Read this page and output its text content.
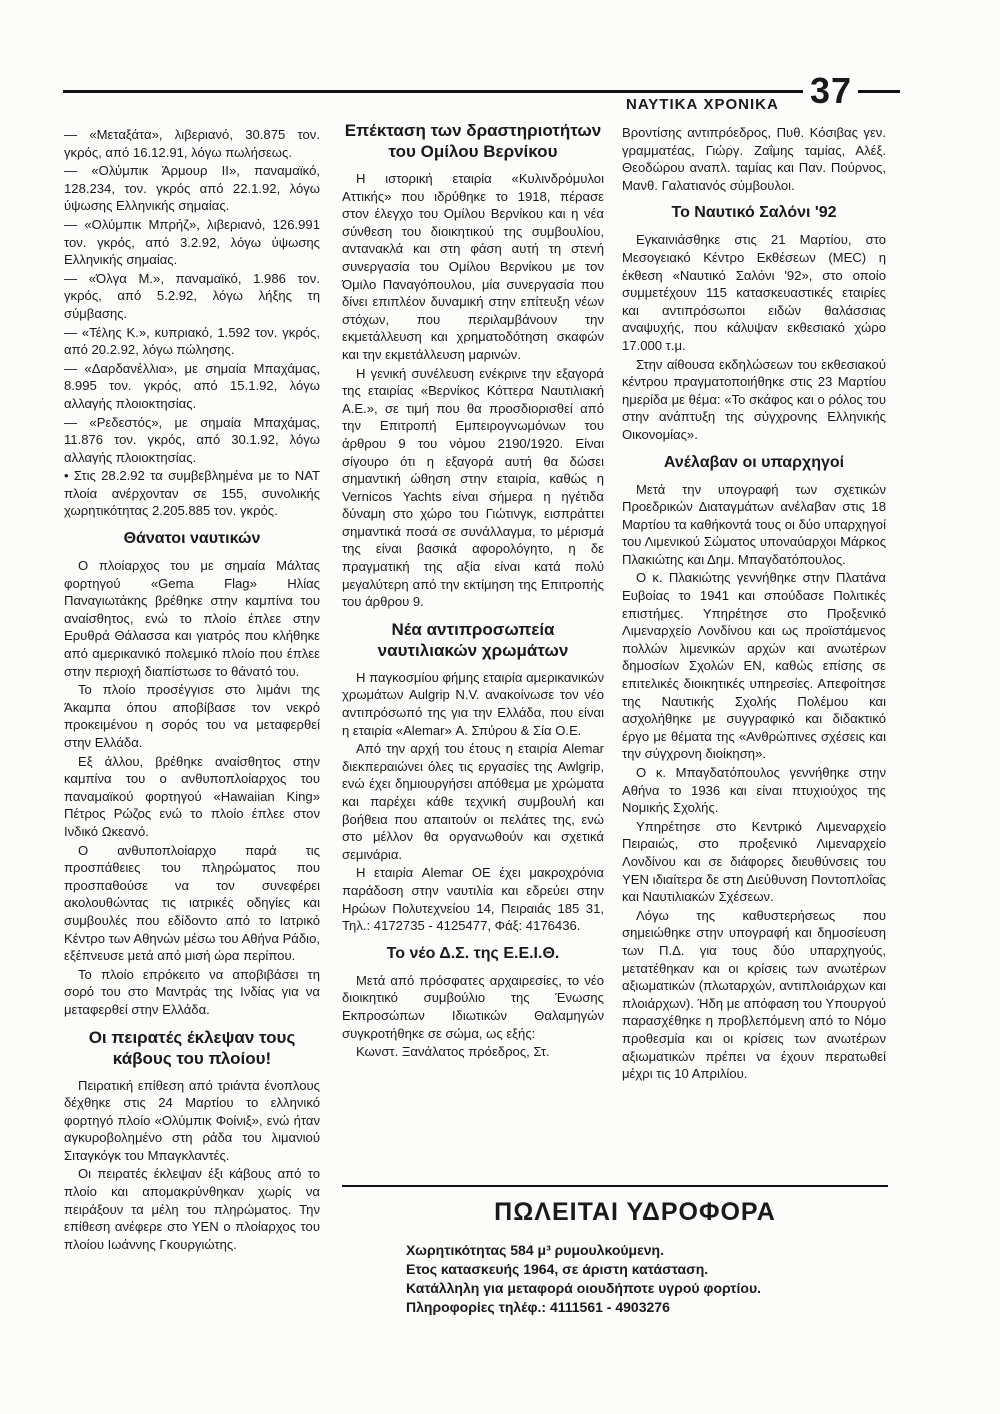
ΝΑΥΤΙΚΑ ΧΡΟΝΙΚΑ 37

— «Μεταξάτα», λιβεριανό, 30.875 τον. γκρός, από 16.12.91, λόγω πωλήσεως.

— «Ολύμπικ Άρμουρ ΙΙ», παναμαϊκό, 128.234, τον. γκρός από 22.1.92, λόγω ύψωσης Ελληνικής σημαίας.

— «Ολύμπικ Μπρήζ», λιβεριανό, 126.991 τον. γκρός, από 3.2.92, λόγω ύψωσης Ελληνικής σημαίας.

— «Όλγα Μ.», παναμαϊκό, 1.986 τον. γκρός, από 5.2.92, λόγω λήξης τη σύμβασης.

— «Τέλης Κ.», κυπριακό, 1.592 τον. γκρός, από 20.2.92, λόγω πώλησης.

— «Δαρδανέλλια», με σημαία Μπαχάμας, 8.995 τον. γκρός, από 15.1.92, λόγω αλλαγής πλοιοκτησίας.

— «Ρεδεστός», με σημαία Μπαχάμας, 11.876 τον. γκρός, από 30.1.92, λόγω αλλαγής πλοιοκτησίας.

• Στις 28.2.92 τα συμβεβλημένα με το ΝΑΤ πλοία ανέρχονταν σε 155, συνολικής χωρητικότητας 2.205.885 τον. γκρός.

Θάνατοι ναυτικών

Ο πλοίαρχος του με σημαία Μάλτας φορτηγού «Gema Flag» Ηλίας Παναγιωτάκης βρέθηκε στην καμπίνα του αναίσθητος, ενώ το πλοίο έπλεε στην Ερυθρά Θάλασσα και γιατρός που κλήθηκε από αμερικανικό πολεμικό πλοίο που έπλεε στην περιοχή διαπίστωσε το θάνατό του.

Το πλοίο προσέγγισε στο λιμάνι της Άκαμπα όπου αποβίβασε τον νεκρό προκειμένου η σορός του να μεταφερθεί στην Ελλάδα.

Εξ άλλου, βρέθηκε αναίσθητος στην καμπίνα του ο ανθυποπλοίαρχος του παναμαϊκού φορτηγού «Hawaiian King» Πέτρος Ρώζος ενώ το πλοίο έπλεε στον Ινδικό Ωκεανό.

Ο ανθυποπλοίαρχο παρά τις προσπάθειες του πληρώματος που προσπαθούσε να τον συνεφέρει ακολουθώντας τις ιατρικές οδηγίες και συμβουλές που εδίδοντο από το Ιατρικό Κέντρο των Αθηνών μέσω του Αθήνα Ράδιο, εξέπνευσε μετά από μισή ώρα περίπου.

Το πλοίο επρόκειτο να αποβιβάσει τη σορό του στο Μαντράς της Ινδίας για να μεταφερθεί στην Ελλάδα.

Οι πειρατές έκλεψαν τους κάβους του πλοίου!

Πειρατική επίθεση από τριάντα ένοπλους δέχθηκε στις 24 Μαρτίου το ελληνικό φορτηγό πλοίο «Ολύμπικ Φοίνιξ», ενώ ήταν αγκυροβολημένο στη ράδα του λιμανιού Σιταγκόγκ του Μπαγκλαντές.

Οι πειρατές έκλεψαν έξι κάβους από το πλοίο και απομακρύνθηκαν χωρίς να πειράξουν τα μέλη του πληρώματος. Την επίθεση ανέφερε στο ΥΕΝ ο πλοίαρχος του πλοίου Ιωάννης Γκουργιώτης.

Επέκταση των δραστηριοτήτων του Ομίλου Βερνίκου

Η ιστορική εταιρία «Κυλινδρόμυλοι Αττικής» που ιδρύθηκε το 1918, πέρασε στον έλεγχο του Ομίλου Βερνίκου και η νέα σύνθεση του διοικητικού της συμβουλίου, αντανακλά και στη φάση αυτή τη στενή συνεργασία του Ομίλου Βερνίκου με τον Όμιλο Παναγόπουλου, μία συνεργασία που δίνει επιπλέον δυναμική στην επίτευξη νέων στόχων, που περιλαμβάνουν την εκμετάλλευση και χρηματοδότηση σκαφών και την εκμετάλλευση μαρινών.

Η γενική συνέλευση ενέκρινε την εξαγορά της εταιρίας «Βερνίκος Κόττερα Ναυτιλιακή Α.Ε.», σε τιμή που θα προσδιορισθεί από την Επιτροπή Εμπειρογνωμόνων του άρθρου 9 του νόμου 2190/1920. Είναι σίγουρο ότι η εξαγορά αυτή θα δώσει σημαντική ώθηση στην εταιρία, καθώς η Vernicos Yachts είναι σήμερα η ηγέτιδα δύναμη στο χώρο του Γιώτινγκ, εισπράττει σημαντικά ποσά σε συνάλλαγμα, το μέρισμά της είναι βασικά αφορολόγητο, η δε πραγματική της αξία είναι κατά πολύ μεγαλύτερη από την εκτίμηση της Επιτροπής του άρθρου 9.

Νέα αντιπροσωπεία ναυτιλιακών χρωμάτων

Η παγκοσμίου φήμης εταιρία αμερικανικών χρωμάτων Aulgrip N.V. ανακοίνωσε τον νέο αντιπρόσωπό της για την Ελλάδα, που είναι η εταιρία «Alemar» Α. Σπύρου & Σία Ο.Ε.

Από την αρχή του έτους η εταιρία Alemar διεκπεραιώνει όλες τις εργασίες της Awlgrip, ενώ έχει δημιουργήσει απόθεμα με χρώματα και παρέχει κάθε τεχνική συμβουλή και βοήθεια που απαιτούν οι πελάτες της, ενώ στο μέλλον θα οργανωθούν και σχετικά σεμινάρια.

Η εταιρία Alemar OE έχει μακροχρόνια παράδοση στην ναυτιλία και εδρεύει στην Ηρώων Πολυτεχνείου 14, Πειραιάς 185 31, Τηλ.: 4172735 - 4125477, Φάξ: 4176436.

Το νέο Δ.Σ. της Ε.Ε.Ι.Θ.

Μετά από πρόσφατες αρχαιρεσίες, το νέο διοικητικό συμβούλιο της Ένωσης Εκπροσώπων Ιδιωτικών Θαλαμηγών συγκροτήθηκε σε σώμα, ως εξής:

Κωνστ. Ξανάλατος πρόεδρος, Στ.

Βροντίσης αντιπρόεδρος, Πυθ. Κόσιβας γεν. γραμματέας, Γιώργ. Ζαΐμης ταμίας, Αλέξ. Θεοδώρου αναπλ. ταμίας και Παν. Πούρνος, Μανθ. Γαλατιανός σύμβουλοι.

Το Ναυτικό Σαλόνι '92

Εγκαινιάσθηκε στις 21 Μαρτίου, στο Μεσογειακό Κέντρο Εκθέσεων (MEC) η έκθεση «Ναυτικό Σαλόνι '92», στο οποίο συμμετέχουν 115 κατασκευαστικές εταιρίες και αντιπρόσωποι ειδών θαλάσσιας αναψυχής, που κάλυψαν εκθεσιακό χώρο 17.000 τ.μ.

Στην αίθουσα εκδηλώσεων του εκθεσιακού κέντρου πραγματοποιήθηκε στις 23 Μαρτίου ημερίδα με θέμα: «Το σκάφος και ο ρόλος του στην ανάπτυξη της σύγχρονης Ελληνικής Οικονομίας».

Ανέλαβαν οι υπαρχηγοί

Μετά την υπογραφή των σχετικών Προεδρικών Διαταγμάτων ανέλαβαν στις 18 Μαρτίου τα καθήκοντά τους οι δύο υπαρχηγοί του Λιμενικού Σώματος υποναύαρχοι Μάρκος Πλακιώτης και Δημ. Μπαγδατόπουλος.

Ο κ. Πλακιώτης γεννήθηκε στην Πλατάνα Ευβοίας το 1941 και σπούδασε Πολιτικές επιστήμες. Υπηρέτησε στο Προξενικό Λιμεναρχείο Λονδίνου και ως προϊστάμενος πολλών λιμενικών αρχών και ανωτέρων δημοσίων Σχολών ΕΝ, καθώς επίσης σε επιτελικές διοικητικές υπηρεσίες. Απεφοίτησε της Ναυτικής Σχολής Πολέμου και ασχολήθηκε με συγγραφικό και διδακτικό έργο με θέματα της «Ανθρώπινες σχέσεις και την σύγχρονη διοίκηση».

Ο κ. Μπαγδατόπουλος γεννήθηκε στην Αθήνα το 1936 και είναι πτυχιούχος της Νομικής Σχολής.

Υπηρέτησε στο Κεντρικό Λιμεναρχείο Πειραιώς, στο προξενικό Λιμεναρχείο Λονδίνου και σε διάφορες διευθύνσεις του ΥΕΝ ιδιαίτερα δε στη Διεύθυνση Ποντοπλοΐας και Ναυτιλιακών Σχέσεων.

Λόγω της καθυστερήσεως που σημειώθηκε στην υπογραφή και δημοσίευση των Π.Δ. για τους δύο υπαρχηγούς, μετατέθηκαν και οι κρίσεις των ανωτέρων αξιωματικών (πλωταρχών, αντιπλοιάρχων και πλοιάρχων). Ήδη με απόφαση του Υπουργού παρασχέθηκε η προβλεπόμενη από το Νόμο προθεσμία και οι κρίσεις των ανωτέρων αξιωματικών πρέπει να έχουν περατωθεί μέχρι τις 10 Απριλίου.

ΠΩΛΕΙΤΑΙ ΥΔΡΟΦΟΡΑ
Χωρητικότητας 584 μ³ ρυμουλκούμενη.
Ετος κατασκευής 1964, σε άριστη κατάσταση.
Κατάλληλη για μεταφορά οιουδήποτε υγρού φορτίου.
Πληροφορίες τηλέφ.: 4111561 - 4903276
